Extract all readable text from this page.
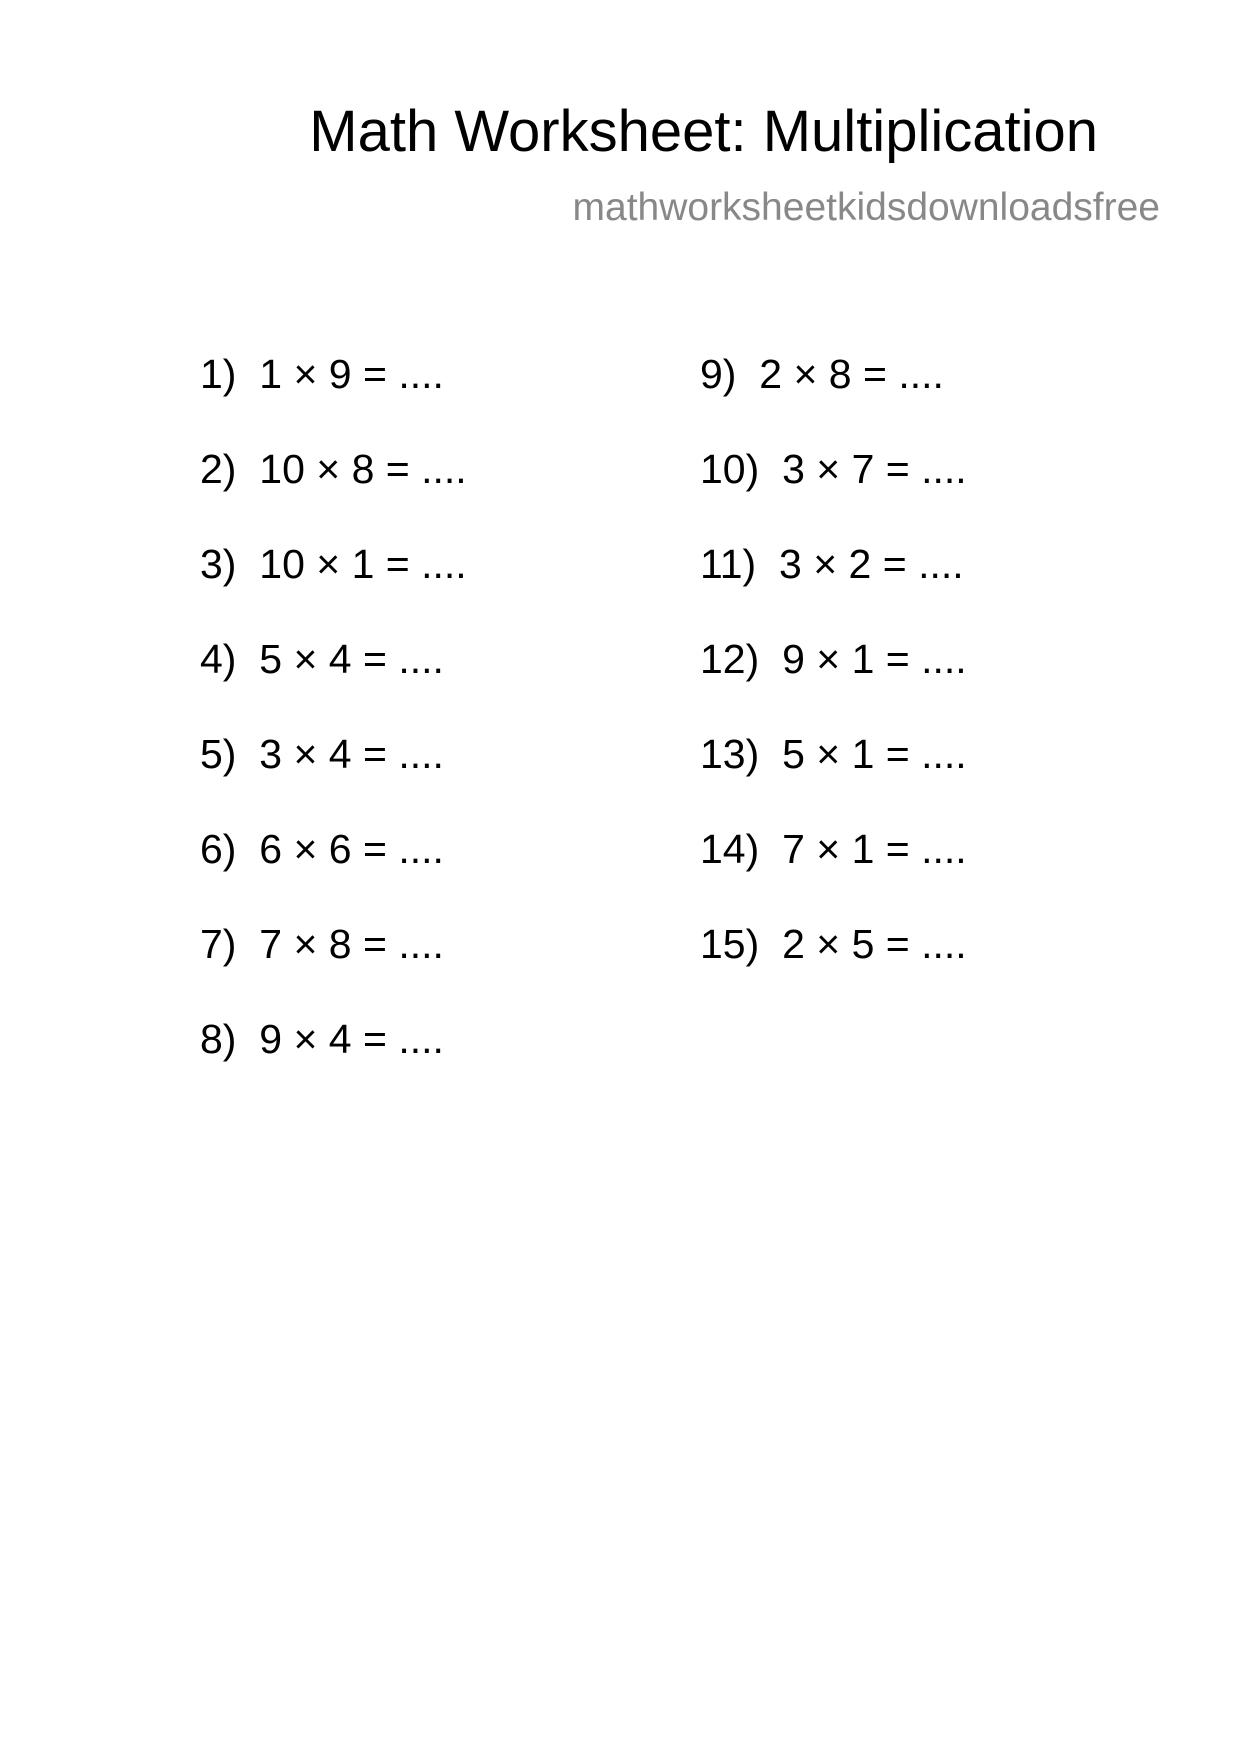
Math Worksheet: Multiplication
mathworksheetkidsdownloadsfree
1) 1 × 9 = ....
2) 10 × 8 = ....
3) 10 × 1 = ....
4) 5 × 4 = ....
5) 3 × 4 = ....
6) 6 × 6 = ....
7) 7 × 8 = ....
8) 9 × 4 = ....
9) 2 × 8 = ....
10) 3 × 7 = ....
11) 3 × 2 = ....
12) 9 × 1 = ....
13) 5 × 1 = ....
14) 7 × 1 = ....
15) 2 × 5 = ....
